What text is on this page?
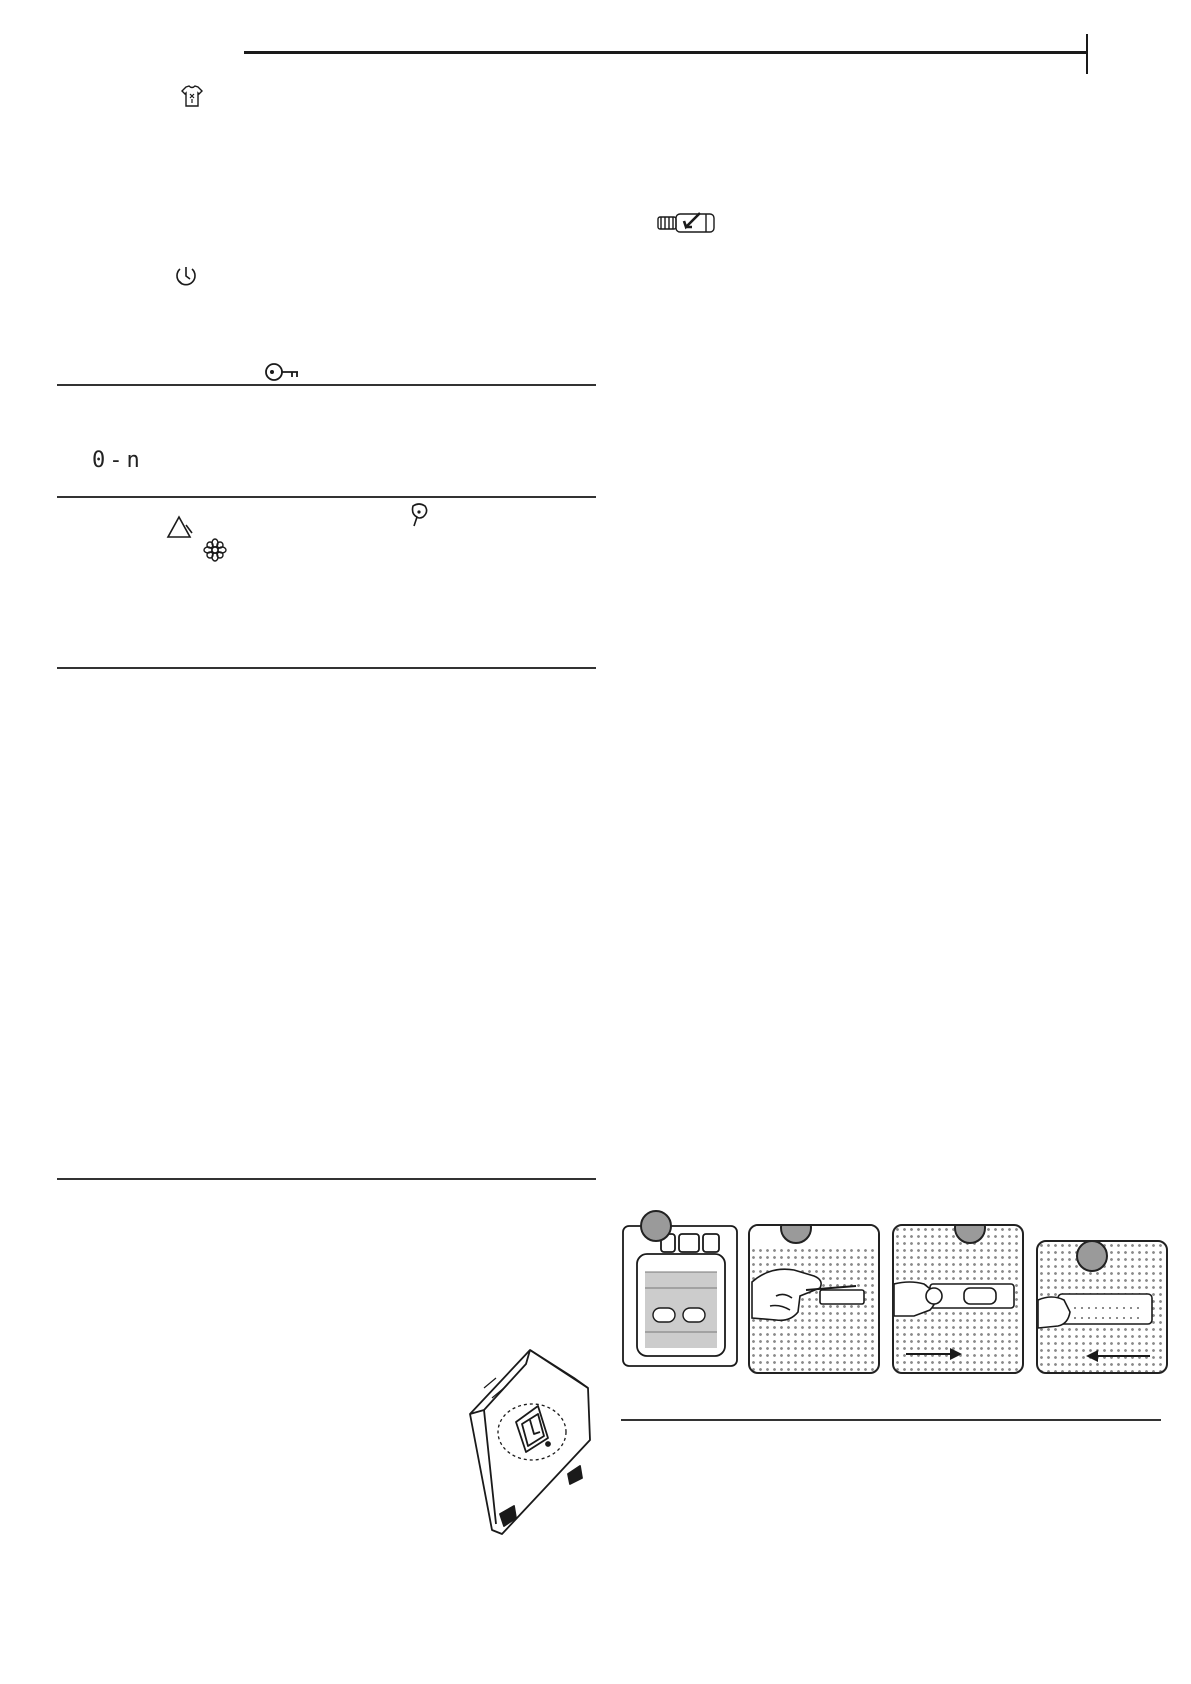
0-n
